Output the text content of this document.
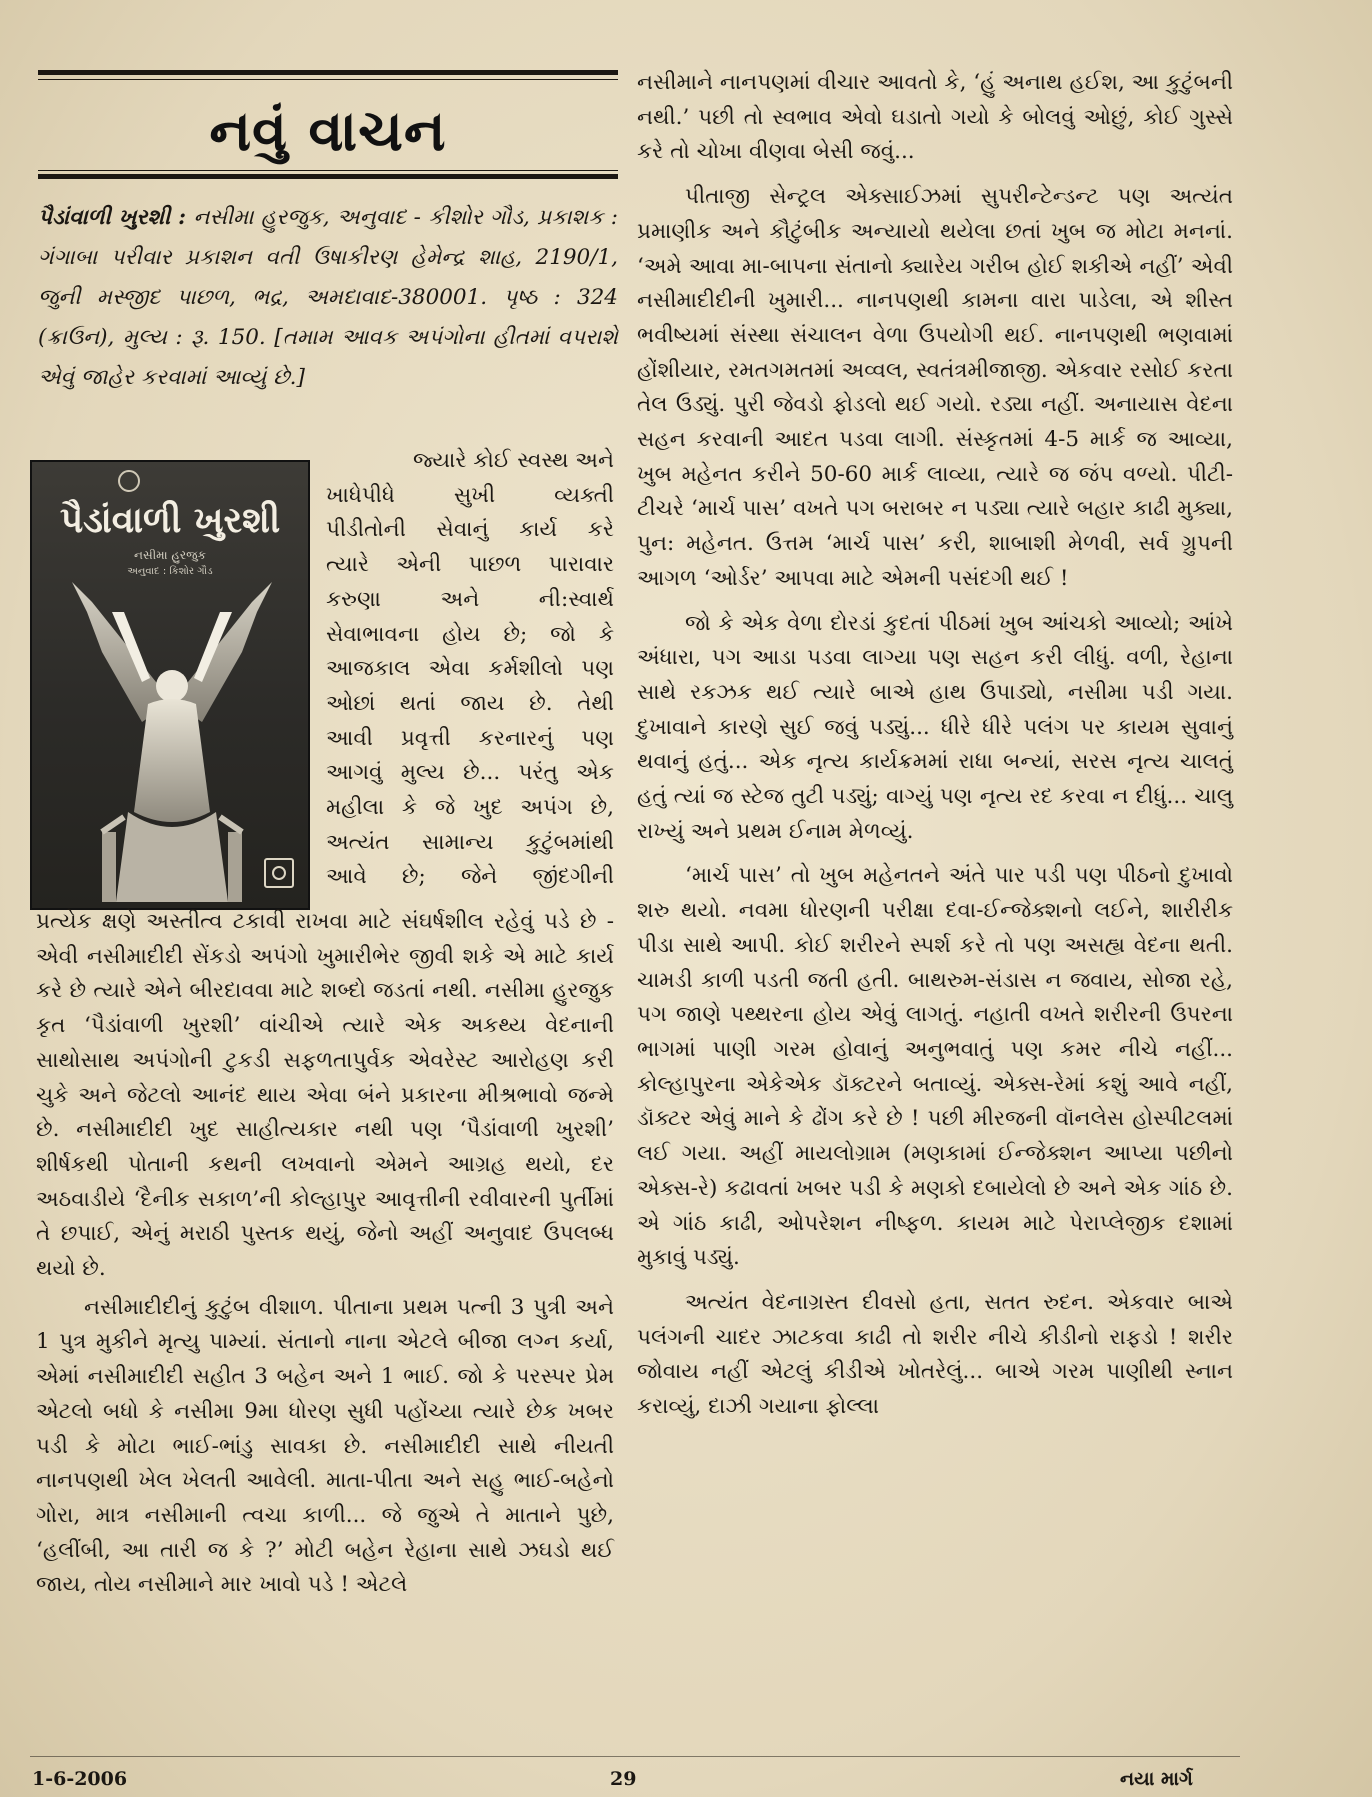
નવું વાચન
પૈડાંવાળી ખુરશી : નસીમા હુરજુક, અનુવાદ - કીશોર ગૌડ, પ્રકાશક : ગંગાબા પરીવાર પ્રકાશન વતી ઉષાકીરણ હેમેન્દ્ર શાહ, 2190/1, જુની મસ્જીદ પાછળ, ભદ્ર, અમદાવાદ-380001. પૃષ્ઠ : 324 (ક્રાઉન), મુલ્ય : રૂ. 150. [તમામ આવક અપંગોના હીતમાં વપરાશે એવું જાહેર કરવામાં આવ્યું છે.]
પૈડાંવાળી ખુરશી
નસીમા હુરજુક
અનુવાદ : કિશોર ગૌડ

જ્યારે કોઈ સ્વસ્થ અને

ખાધેપીધે સુખી વ્યક્તી

પીડીતોની સેવાનું કાર્ય કરે

ત્યારે એની પાછળ પારાવાર

કરુણા અને ની:સ્વાર્થ

સેવાભાવના હોય છે; જો કે

આજકાલ એવા કર્મશીલો પણ

ઓછાં થતાં જાય છે. તેથી

આવી પ્રવૃત્તી કરનારનું પણ

આગવું મુલ્ય છે... પરંતુ એક

મહીલા કે જે ખુદ અપંગ છે,

અત્યંત સામાન્ય કુટુંબમાંથી

આવે છે; જેને જીંદગીની

પ્રત્યેક ક્ષણે અસ્તીત્વ ટકાવી રાખવા માટે સંઘર્ષશીલ રહેવું પડે છે - એવી નસીમાદીદી સેંકડો અપંગો ખુમારીભેર જીવી શકે એ માટે કાર્ય કરે છે ત્યારે એને બીરદાવવા માટે શબ્દો જડતાં નથી. નસીમા હુરજુક કૃત ‘પૈડાંવાળી ખુરશી’ વાંચીએ ત્યારે એક અકથ્ય વેદનાની સાથોસાથ અપંગોની ટુકડી સફળતાપુર્વક એવરેસ્ટ આરોહણ કરી ચુકે અને જેટલો આનંદ થાય એવા બંને પ્રકારના મીશ્રભાવો જન્મે છે. નસીમાદીદી ખુદ સાહીત્યકાર નથી પણ ‘પૈડાંવાળી ખુરશી’ શીર્ષકથી પોતાની કથની લખવાનો એમને આગ્રહ થયો, દર અઠવાડીયે ‘દૈનીક સકાળ’ની કોલ્હાપુર આવૃત્તીની રવીવારની પુર્તીમાં તે છપાઈ, એનું મરાઠી પુસ્તક થયું, જેનો અહીં અનુવાદ ઉપલબ્ધ થયો છે.

નસીમાદીદીનું કુટુંબ વીશાળ. પીતાના પ્રથમ પત્ની 3 પુત્રી અને 1 પુત્ર મુકીને મૃત્યુ પામ્યાં. સંતાનો નાના એટલે બીજા લગ્ન કર્યા, એમાં નસીમાદીદી સહીત 3 બહેન અને 1 ભાઈ. જો કે પરસ્પર પ્રેમ એટલો બધો કે નસીમા 9મા ધોરણ સુધી પહોંચ્યા ત્યારે છેક ખબર પડી કે મોટા ભાઈ-ભાંડુ સાવકા છે. નસીમાદીદી સાથે નીયતી નાનપણથી ખેલ ખેલતી આવેલી. માતા-પીતા અને સહુ ભાઈ-બહેનો ગોરા, માત્ર નસીમાની ત્વચા કાળી... જે જુએ તે માતાને પુછે, ‘હલીંબી, આ તારી જ કે ?’ મોટી બહેન રેહાના સાથે ઝઘડો થઈ જાય, તોય નસીમાને માર ખાવો પડે ! એટલે

નસીમાને નાનપણમાં વીચાર આવતો કે, ‘હું અનાથ હઈશ, આ કુટુંબની નથી.’ પછી તો સ્વભાવ એવો ઘડાતો ગયો કે બોલવું ઓછું, કોઈ ગુસ્સે કરે તો ચોખા વીણવા બેસી જવું...

પીતાજી સેન્ટ્રલ એક્સાઈઝમાં સુપરીન્ટેન્ડન્ટ પણ અત્યંત પ્રમાણીક અને કૌટુંબીક અન્યાયો થયેલા છતાં ખુબ જ મોટા મનનાં. ‘અમે આવા મા-બાપના સંતાનો ક્યારેય ગરીબ હોઈ શકીએ નહીં’ એવી નસીમાદીદીની ખુમારી... નાનપણથી કામના વારા પાડેલા, એ શીસ્ત ભવીષ્યમાં સંસ્થા સંચાલન વેળા ઉપયોગી થઈ. નાનપણથી ભણવામાં હોંશીયાર, રમતગમતમાં અવ્વલ, સ્વતંત્રમીજાજી. એકવાર રસોઈ કરતા તેલ ઉડ્યું. પુરી જેવડો ફોડલો થઈ ગયો. રડ્યા નહીં. અનાયાસ વેદના સહન કરવાની આદત પડવા લાગી. સંસ્કૃતમાં 4-5 માર્ક જ આવ્યા, ખુબ મહેનત કરીને 50-60 માર્ક લાવ્યા, ત્યારે જ જંપ વળ્યો. પીટી-ટીચરે ‘માર્ચ પાસ’ વખતે પગ બરાબર ન પડ્યા ત્યારે બહાર કાઢી મુક્યા, પુન: મહેનત. ઉત્તમ ‘માર્ચ પાસ’ કરી, શાબાશી મેળવી, સર્વ ગ્રુપની આગળ ‘ઓર્ડર’ આપવા માટે એમની પસંદગી થઈ !

જો કે એક વેળા દોરડાં કુદતાં પીઠમાં ખુબ આંચકો આવ્યો; આંખે અંધારા, પગ આડા પડવા લાગ્યા પણ સહન કરી લીધું. વળી, રેહાના સાથે રકઝક થઈ ત્યારે બાએ હાથ ઉપાડ્યો, નસીમા પડી ગયા. દુખાવાને કારણે સુઈ જવું પડ્યું... ધીરે ધીરે પલંગ પર કાયમ સુવાનું થવાનું હતું... એક નૃત્ય કાર્યક્રમમાં રાધા બન્યાં, સરસ નૃત્ય ચાલતું હતું ત્યાં જ સ્ટેજ તુટી પડ્યું; વાગ્યું પણ નૃત્ય રદ કરવા ન દીધું... ચાલુ રાખ્યું અને પ્રથમ ઈનામ મેળવ્યું.

‘માર્ચ પાસ’ તો ખુબ મહેનતને અંતે પાર પડી પણ પીઠનો દુખાવો શરુ થયો. નવમા ધોરણની પરીક્ષા દવા-ઈન્જેક્શનો લઈને, શારીરીક પીડા સાથે આપી. કોઈ શરીરને સ્પર્શ કરે તો પણ અસહ્ય વેદના થતી. ચામડી કાળી પડતી જતી હતી. બાથરુમ-સંડાસ ન જવાય, સોજા રહે, પગ જાણે પથ્થરના હોય એવું લાગતું. નહાતી વખતે શરીરની ઉપરના ભાગમાં પાણી ગરમ હોવાનું અનુભવાતું પણ કમર નીચે નહીં... કોલ્હાપુરના એકેએક ડૉક્ટરને બતાવ્યું. એક્સ-રેમાં કશું આવે નહીં, ડૉક્ટર એવું માને કે ઢોંગ કરે છે ! પછી મીરજની વૉનલેસ હોસ્પીટલમાં લઈ ગયા. અહીં માયલોગ્રામ (મણકામાં ઈન્જેક્શન આપ્યા પછીનો એક્સ-રે) કઢાવતાં ખબર પડી કે મણકો દબાયેલો છે અને એક ગાંઠ છે. એ ગાંઠ કાઢી, ઓપરેશન નીષ્ફળ. કાયમ માટે પેરાપ્લેજીક દશામાં મુકાવું પડ્યું.

અત્યંત વેદનાગ્રસ્ત દીવસો હતા, સતત રુદન. એકવાર બાએ પલંગની ચાદર ઝાટકવા કાઢી તો શરીર નીચે કીડીનો રાફડો ! શરીર જોવાય નહીં એટલું કીડીએ ખોતરેલું... બાએ ગરમ પાણીથી સ્નાન કરાવ્યું, દાઝી ગયાના ફોલ્લા

1-6-2006	29	નયા માર્ગ
